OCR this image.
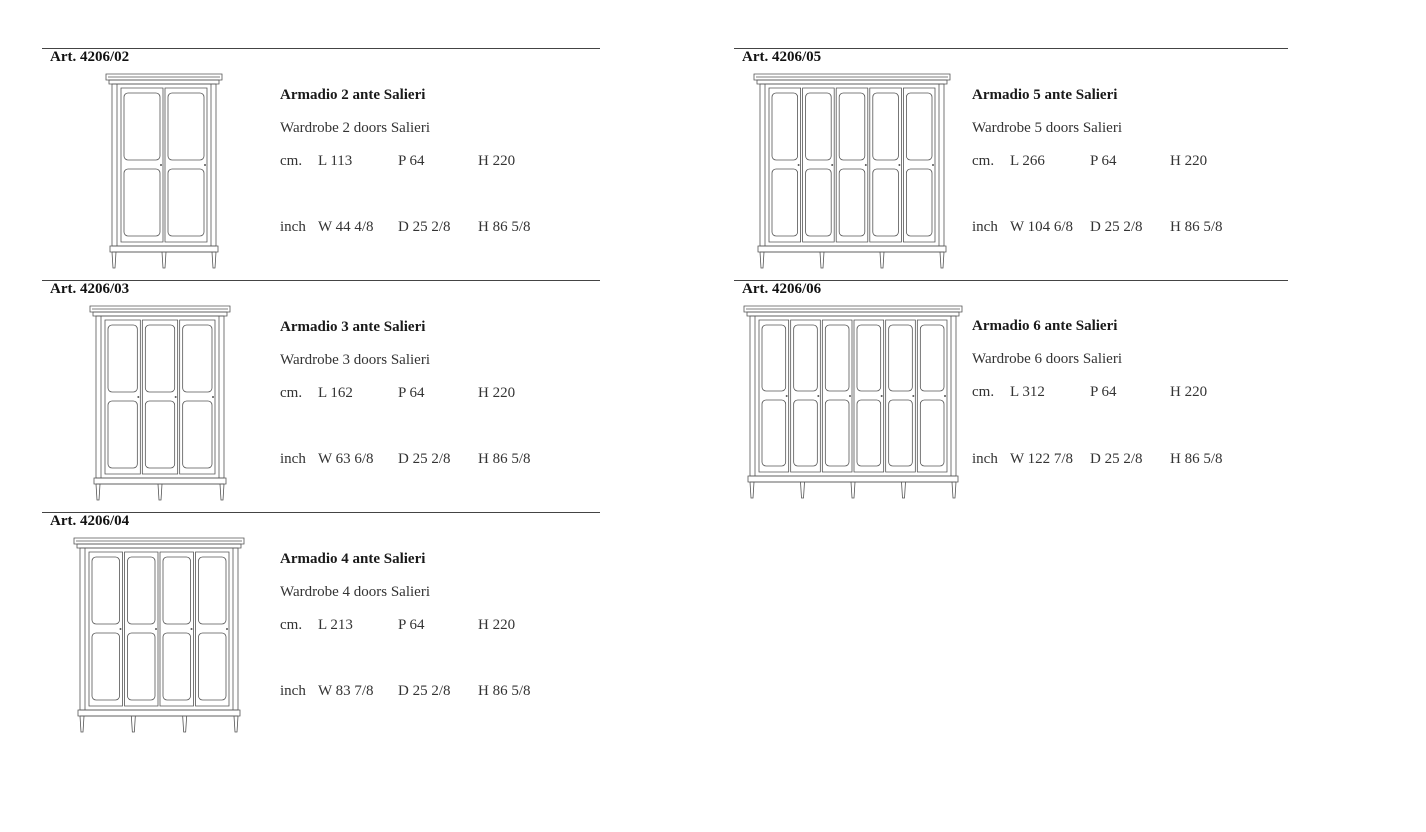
Art. 4206/02
Armadio 2 ante Salieri
Wardrobe 2 doors Salieri
cm. L 113	P 64	H 220
inch W 44 4/8 D 25 2/8 H 86 5/8
Art. 4206/03
Armadio 3 ante Salieri
Wardrobe 3 doors Salieri
cm. L 162	P 64	H 220
inch W 63 6/8 D 25 2/8 H 86 5/8
Art. 4206/04
Armadio 4 ante Salieri
Wardrobe 4 doors Salieri
cm. L 213	P 64	H 220
inch W 83 7/8 D 25 2/8 H 86 5/8
Art. 4206/05
Armadio 5 ante Salieri
Wardrobe 5 doors Salieri
cm. L 266	P 64	H 220
inch W 104 6/8 D 25 2/8 H 86 5/8
Art. 4206/06
Armadio 6 ante Salieri
Wardrobe 6 doors Salieri
cm. L 312	P 64	H 220
inch W 122 7/8 D 25 2/8 H 86 5/8
